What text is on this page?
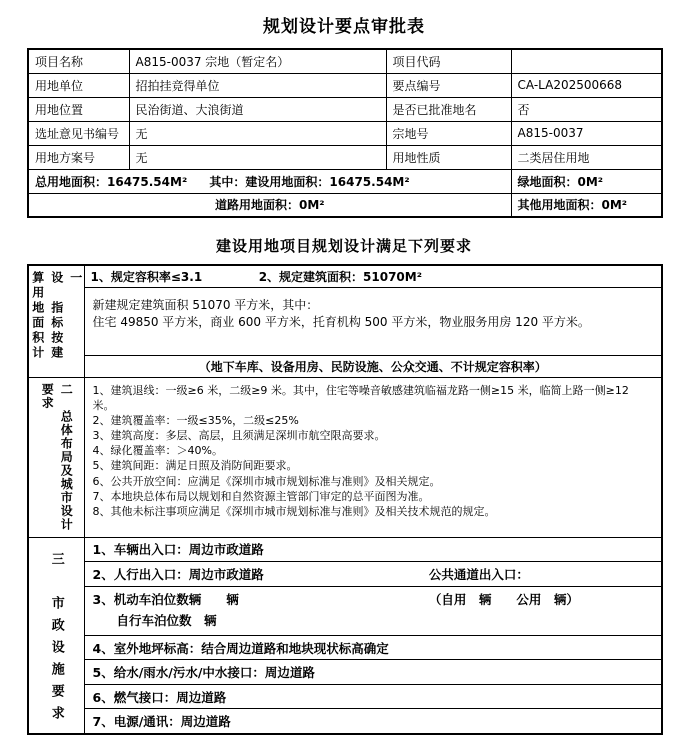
规划设计要点审批表
项目名称	A815-0037 宗地（暂定名）	项目代码	
用地单位	招拍挂竞得单位	要点编号	CA-LA202500668
用地位置	民治街道、大浪街道	是否已批准地名	否
选址意见书编号	无	宗地号	A815-0037
用地方案号	无	用地性质	二类居住用地
总用地面积：16475.54M² 其中：建设用地面积：16475.54M²			绿地面积：0M²
道路用地面积：0M²			其他用地面积：0M²
建设用地项目规划设计满足下列要求
算用地面积计 设　指标按建 一	1、规定容积率≤3.1 2、规定建筑面积：51070M²

	新建规定建筑面积 51070 平方米，其中：
住宅 49850 平方米，商业 600 平方米，托育机构 500 平方米，物业服务用房 120 平方米。

	（地下车库、设备用房、民防设施、公众交通、不计规定容积率）

要求 二　总体布局及城市设计	1、建筑退线：一级≥6 米，二级≥9 米。其中，住宅等噪音敏感建筑临福龙路一侧≥15 米，临简上路一侧≥12 米。
2、建筑覆盖率：一级≤35%，二级≤25%
3、建筑高度：多层、高层，且须满足深圳市航空限高要求。
4、绿化覆盖率：＞40%。
5、建筑间距：满足日照及消防间距要求。
6、公共开放空间：应满足《深圳市城市规划标准与准则》及相关规定。
7、本地块总体布局以规划和自然资源主管部门审定的总平面图为准。
8、其他未标注事项应满足《深圳市城市规划标准与准则》及相关技术规范的规定。

三　市政设施要求	1、车辆出入口：周边市政道路
	2、人行出入口：周边市政道路 公共通道出入口：

	3、机动车泊位数辆　　辆 （自用　辆　　公用　辆）
自行车泊位数　辆

	4、室外地坪标高：结合周边道路和地块现状标高确定
	5、给水/雨水/污水/中水接口：周边道路
	6、燃气接口：周边道路
	7、电源/通讯：周边道路
